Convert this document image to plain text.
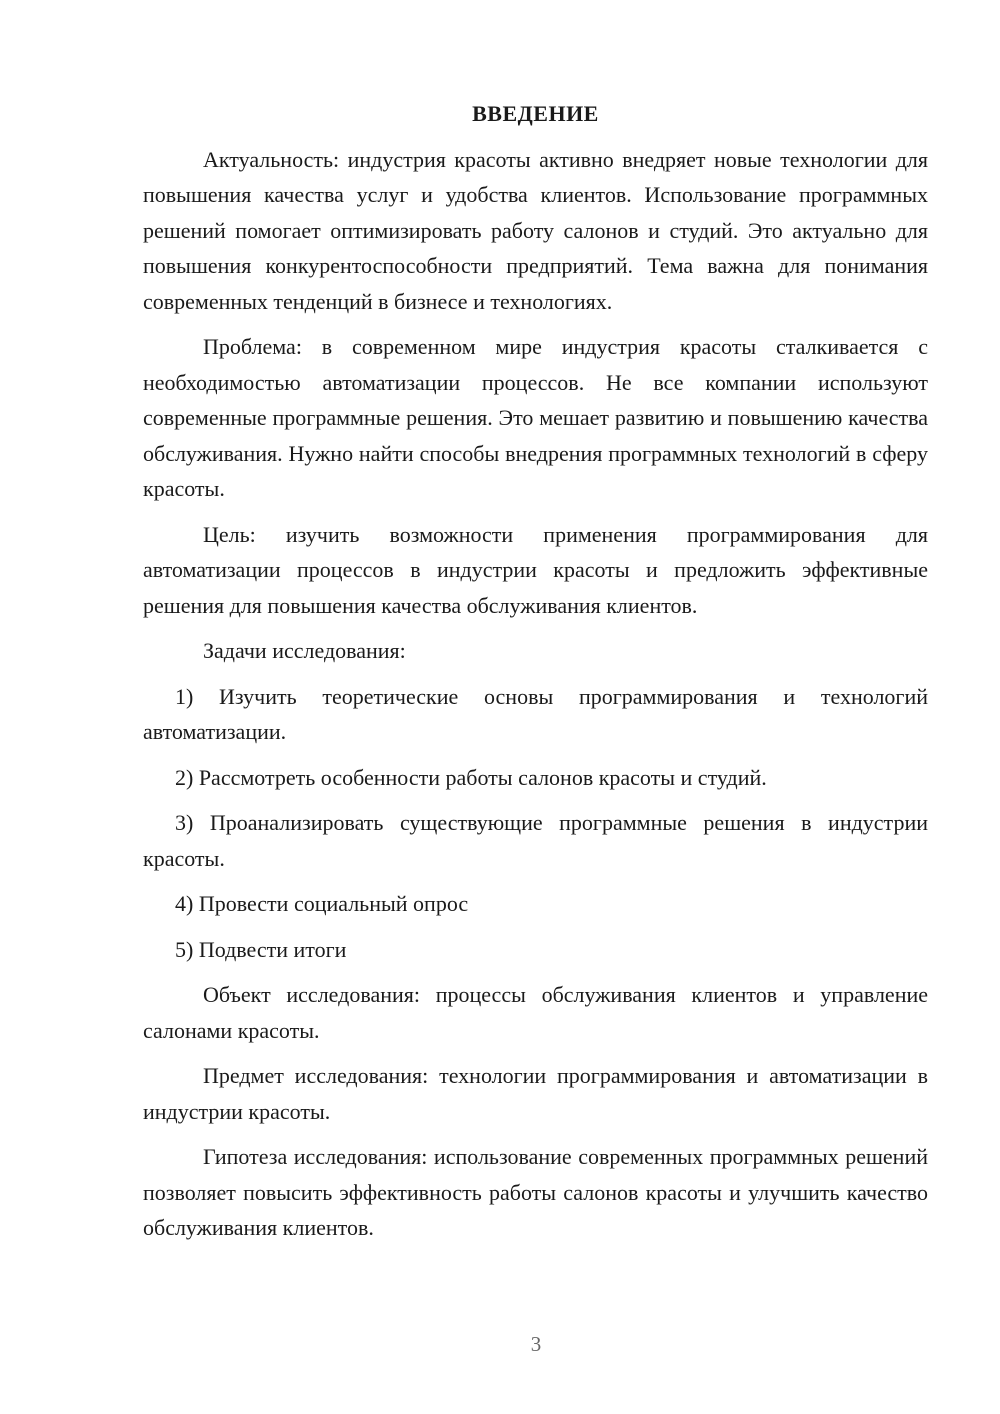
ВВЕДЕНИЕ

Актуальность: индустрия красоты активно внедряет новые технологии для повышения качества услуг и удобства клиентов. Использование программных решений помогает оптимизировать работу салонов и студий. Это актуально для повышения конкурентоспособности предприятий. Тема важна для понимания современных тенденций в бизнесе и технологиях.

Проблема: в современном мире индустрия красоты сталкивается с необходимостью автоматизации процессов. Не все компании используют современные программные решения. Это мешает развитию и повышению качества обслуживания. Нужно найти способы внедрения программных технологий в сферу красоты.

Цель: изучить возможности применения программирования для автоматизации процессов в индустрии красоты и предложить эффективные решения для повышения качества обслуживания клиентов.

Задачи исследования:

1) Изучить теоретические основы программирования и технологий автоматизации.

2) Рассмотреть особенности работы салонов красоты и студий.

3) Проанализировать существующие программные решения в индустрии красоты.

4) Провести социальный опрос

5) Подвести итоги

Объект исследования: процессы обслуживания клиентов и управление салонами красоты.

Предмет исследования: технологии программирования и автоматизации в индустрии красоты.

Гипотеза исследования: использование современных программных решений позволяет повысить эффективность работы салонов красоты и улучшить качество обслуживания клиентов.

3
